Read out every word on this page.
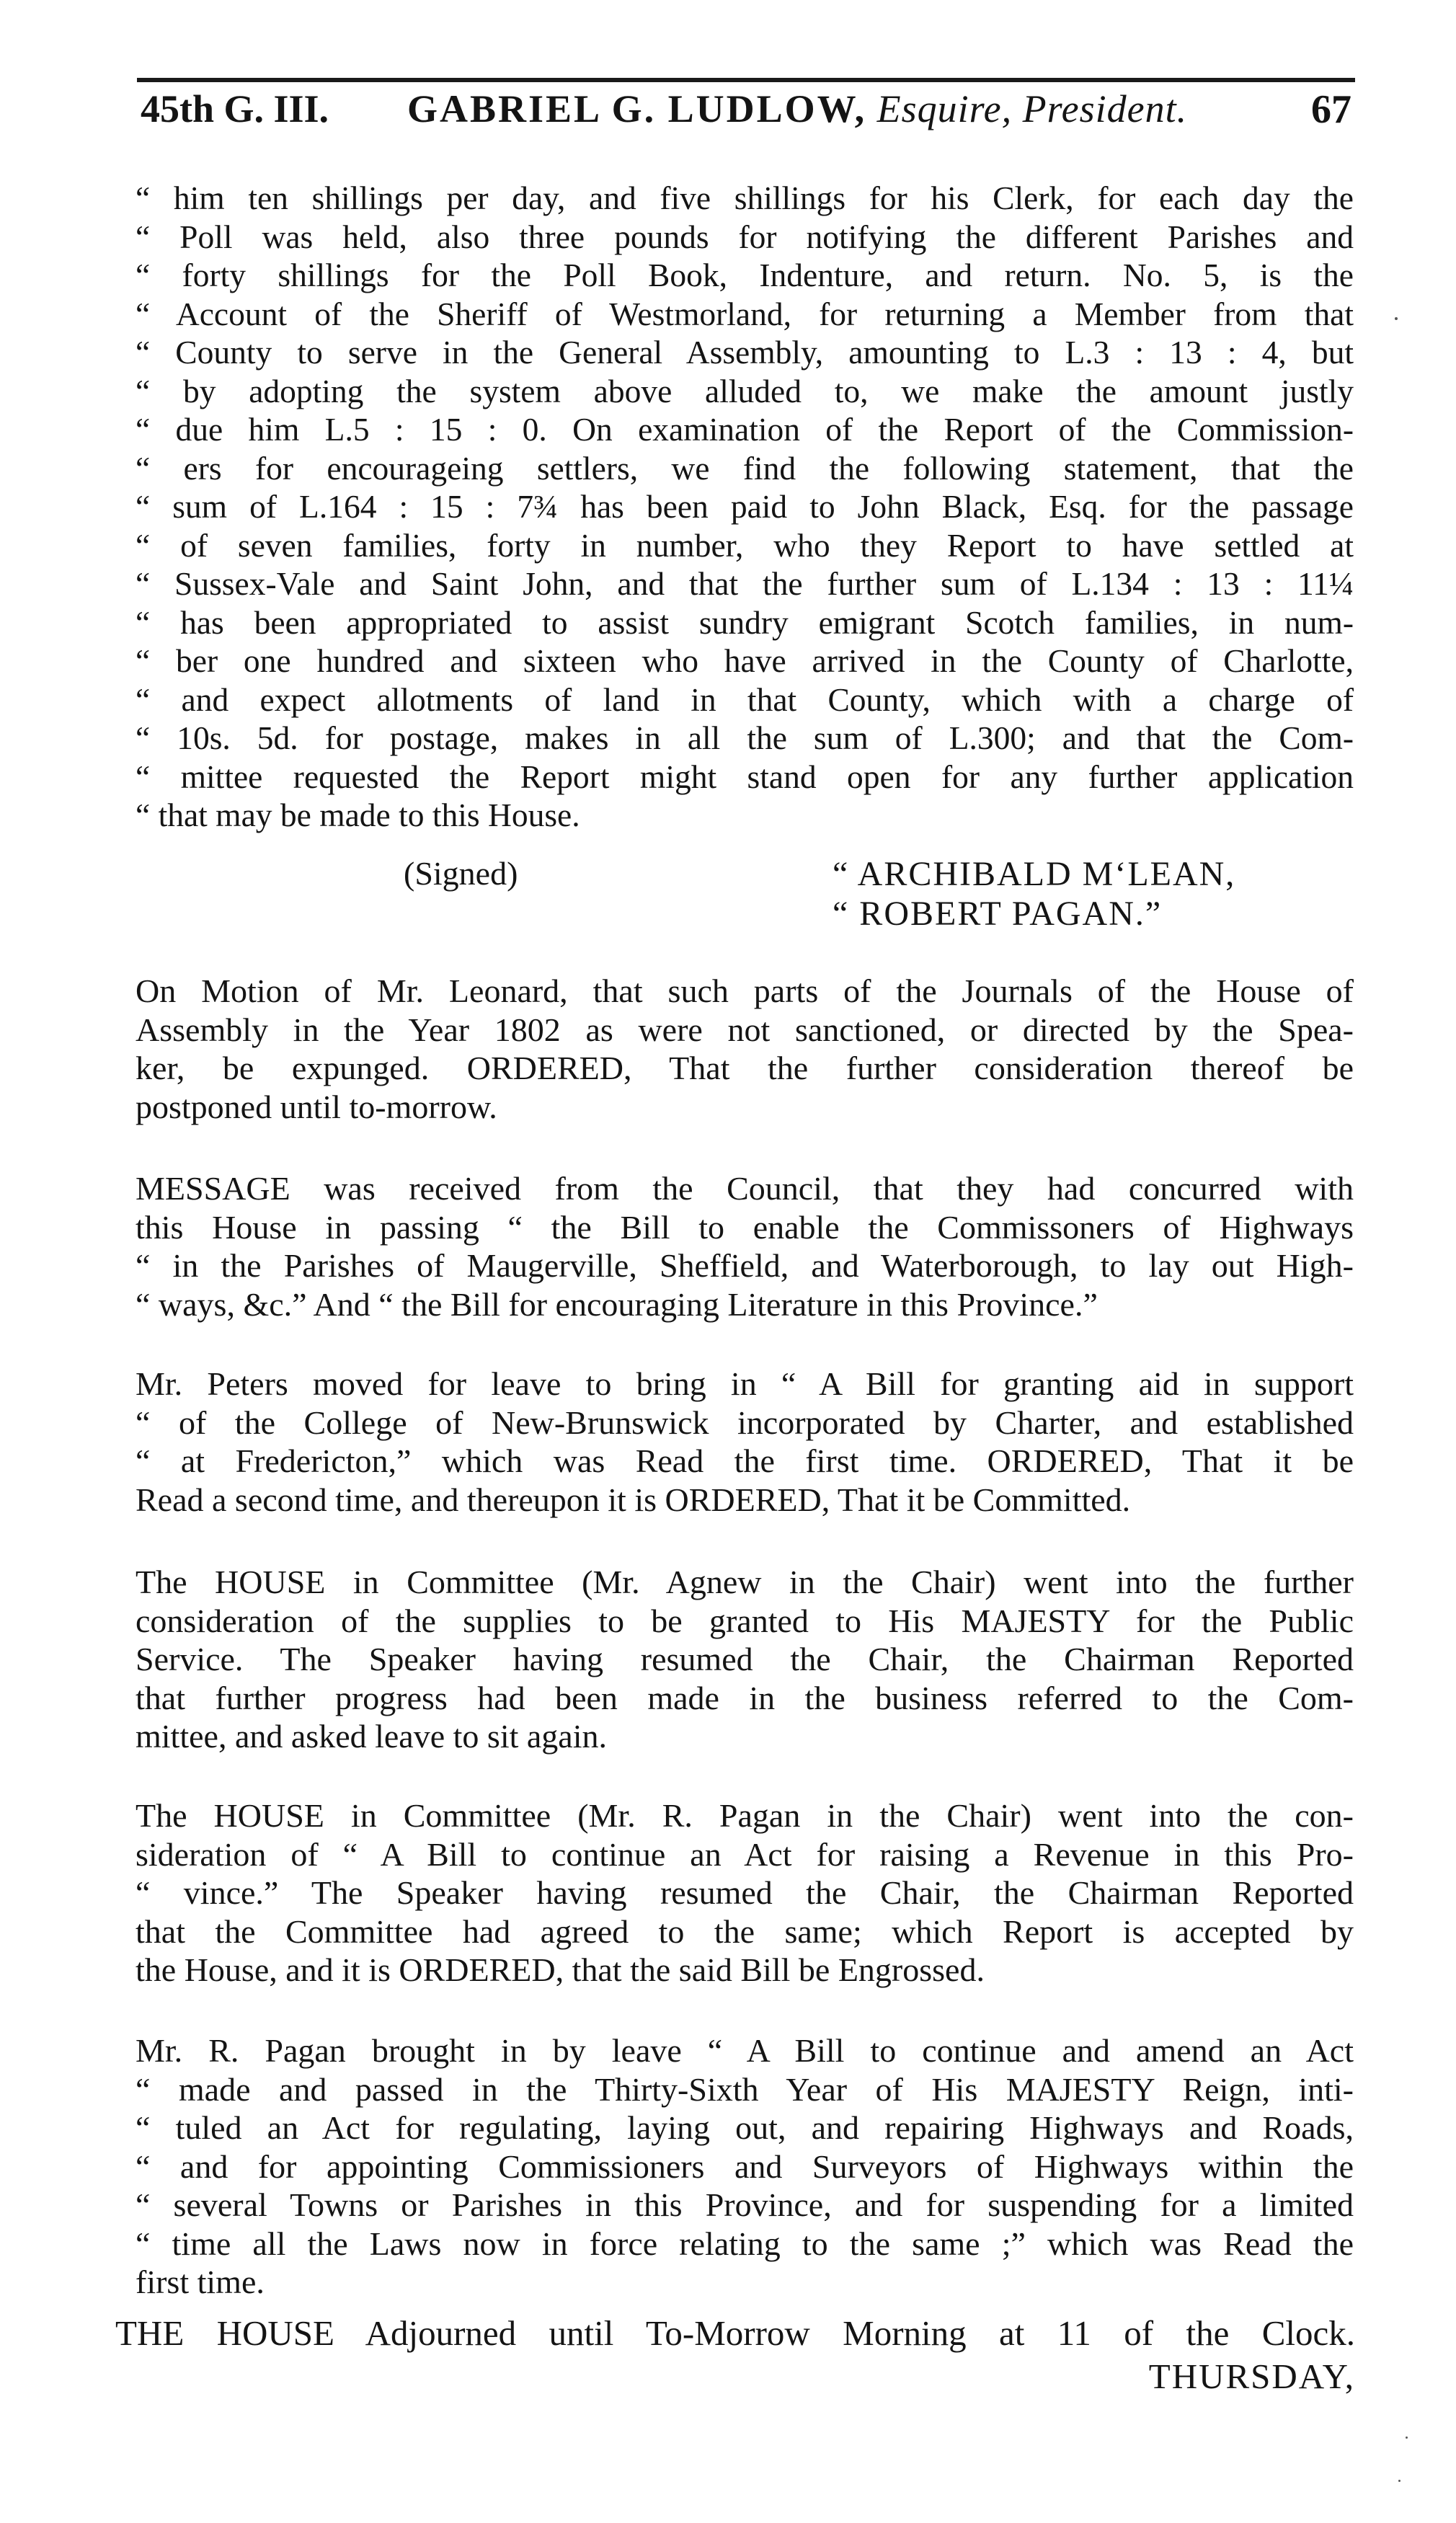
45th G. III. GABRIEL G. LUDLOW, Esquire, President.	67
“ him ten shillings per day, and five shillings for his Clerk, for each day the
“ Poll was held, also three pounds for notifying the different Parishes and
“ forty shillings for the Poll Book, Indenture, and return. No. 5, is the
“ Account of the Sheriff of Westmorland, for returning a Member from that
“ County to serve in the General Assembly, amounting to L.3 : 13 : 4, but
“ by adopting the system above alluded to, we make the amount justly
“ due him L.5 : 15 : 0. On examination of the Report of the Commission-
“ ers for encourageing settlers, we find the following statement, that the
“ sum of L.164 : 15 : 7¾ has been paid to John Black, Esq. for the passage
“ of seven families, forty in number, who they Report to have settled at
“ Sussex-Vale and Saint John, and that the further sum of L.134 : 13 : 11¼
“ has been appropriated to assist sundry emigrant Scotch families, in num-
“ ber one hundred and sixteen who have arrived in the County of Charlotte,
“ and expect allotments of land in that County, which with a charge of
“ 10s. 5d. for postage, makes in all the sum of L.300; and that the Com-
“ mittee requested the Report might stand open for any further application
“ that may be made to this House.
(Signed)	“ ARCHIBALD M‘LEAN,
“ ROBERT PAGAN.”
On Motion of Mr. Leonard, that such parts of the Journals of the House of
Assembly in the Year 1802 as were not sanctioned, or directed by the Spea-
ker, be expunged. ORDERED, That the further consideration thereof be
postponed until to-morrow.
MESSAGE was received from the Council, that they had concurred with
this House in passing “ the Bill to enable the Commissoners of Highways
“ in the Parishes of Maugerville, Sheffield, and Waterborough, to lay out High-
“ ways, &c.” And “ the Bill for encouraging Literature in this Province.”
Mr. Peters moved for leave to bring in “ A Bill for granting aid in support
“ of the College of New-Brunswick incorporated by Charter, and established
“ at Fredericton,” which was Read the first time. ORDERED, That it be
Read a second time, and thereupon it is ORDERED, That it be Committed.
The HOUSE in Committee (Mr. Agnew in the Chair) went into the further
consideration of the supplies to be granted to His MAJESTY for the Public
Service. The Speaker having resumed the Chair, the Chairman Reported
that further progress had been made in the business referred to the Com-
mittee, and asked leave to sit again.
The HOUSE in Committee (Mr. R. Pagan in the Chair) went into the con-
sideration of “ A Bill to continue an Act for raising a Revenue in this Pro-
“ vince.” The Speaker having resumed the Chair, the Chairman Reported
that the Committee had agreed to the same; which Report is accepted by
the House, and it is ORDERED, that the said Bill be Engrossed.
Mr. R. Pagan brought in by leave “ A Bill to continue and amend an Act
“ made and passed in the Thirty-Sixth Year of His MAJESTY Reign, inti-
“ tuled an Act for regulating, laying out, and repairing Highways and Roads,
“ and for appointing Commissioners and Surveyors of Highways within the
“ several Towns or Parishes in this Province, and for suspending for a limited
“ time all the Laws now in force relating to the same ;” which was Read the
first time.
THE HOUSE Adjourned until To-Morrow Morning at 11 of the Clock.
THURSDAY,
